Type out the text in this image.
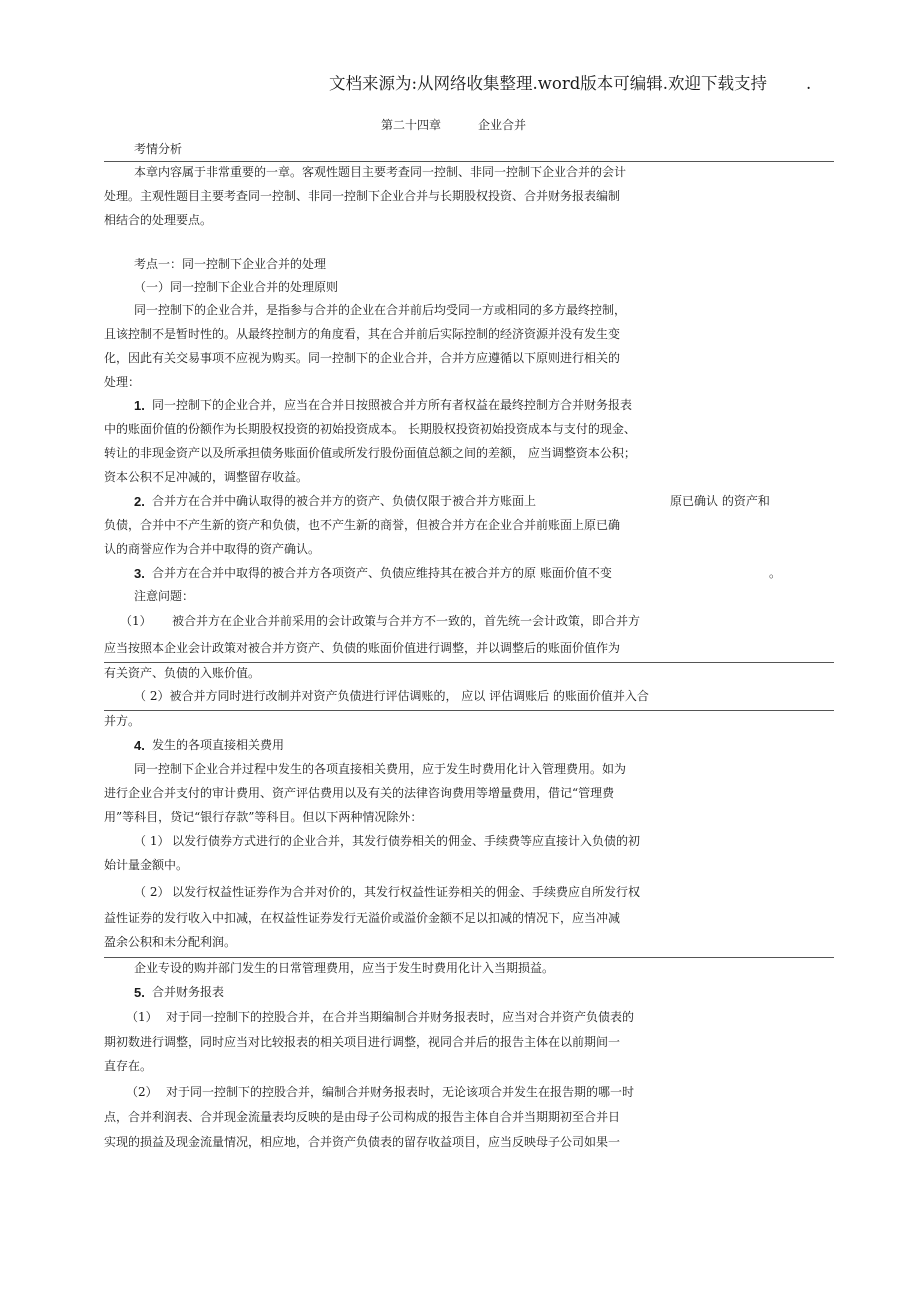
文档来源为:从网络收集整理.word版本可编辑.欢迎下载支持 .
第二十四章	企业合并
考情分析
本章内容属于非常重要的一章。客观性题目主要考查同一控制、非同一控制下企业合并的会计
处理。主观性题目主要考查同一控制、非同一控制下企业合并与长期股权投资、合并财务报表编制
相结合的处理要点。
考点一：同一控制下企业合并的处理
（一）同一控制下企业合并的处理原则
同一控制下的企业合并，是指参与合并的企业在合并前后均受同一方或相同的多方最终控制，
且该控制不是暂时性的。从最终控制方的角度看，其在合并前后实际控制的经济资源并没有发生变
化，因此有关交易事项不应视为购买。同一控制下的企业合并，合并方应遵循以下原则进行相关的
处理：
1. 同一控制下的企业合并，应当在合并日按照被合并方所有者权益在最终控制方合并财务报表
中的账面价值的份额作为长期股权投资的初始投资成本。 长期股权投资初始投资成本与支付的现金、
转让的非现金资产以及所承担债务账面价值或所发行股份面值总额之间的差额， 应当调整资本公积；
资本公积不足冲减的，调整留存收益。
2. 合并方在合并中确认取得的被合并方的资产、负债仅限于被合并方账面上	原已确认 的资产和
负债，合并中不产生新的资产和负债，也不产生新的商誉，但被合并方在企业合并前账面上原已确
认的商誉应作为合并中取得的资产确认。
3. 合并方在合并中取得的被合并方各项资产、负债应维持其在被合并方的原 账面价值不变	。
注意问题：
（1） 被合并方在企业合并前采用的会计政策与合并方不一致的，首先统一会计政策，即合并方
应当按照本企业会计政策对被合并方资产、负债的账面价值进行调整，并以调整后的账面价值作为
有关资产、负债的入账价值。
（ 2）被合并方同时进行改制并对资产负债进行评估调账的， 应以 评估调账后 的账面价值并入合
并方。
4. 发生的各项直接相关费用
同一控制下企业合并过程中发生的各项直接相关费用，应于发生时费用化计入管理费用。如为
进行企业合并支付的审计费用、资产评估费用以及有关的法律咨询费用等增量费用，借记“管理费
用”等科目，贷记“银行存款”等科目。但以下两种情况除外：
（ 1） 以发行债券方式进行的企业合并，其发行债券相关的佣金、手续费等应直接计入负债的初
始计量金额中。
（ 2） 以发行权益性证券作为合并对价的，其发行权益性证券相关的佣金、手续费应自所发行权
益性证券的发行收入中扣减，在权益性证券发行无溢价或溢价金额不足以扣减的情况下，应当冲减
盈余公积和未分配利润。
企业专设的购并部门发生的日常管理费用，应当于发生时费用化计入当期损益。
5. 合并财务报表
（1） 对于同一控制下的控股合并，在合并当期编制合并财务报表时，应当对合并资产负债表的
期初数进行调整，同时应当对比较报表的相关项目进行调整，视同合并后的报告主体在以前期间一
直存在。
（2） 对于同一控制下的控股合并，编制合并财务报表时，无论该项合并发生在报告期的哪一时
点，合并利润表、合并现金流量表均反映的是由母子公司构成的报告主体自合并当期期初至合并日
实现的损益及现金流量情况，相应地，合并资产负债表的留存收益项目，应当反映母子公司如果一
